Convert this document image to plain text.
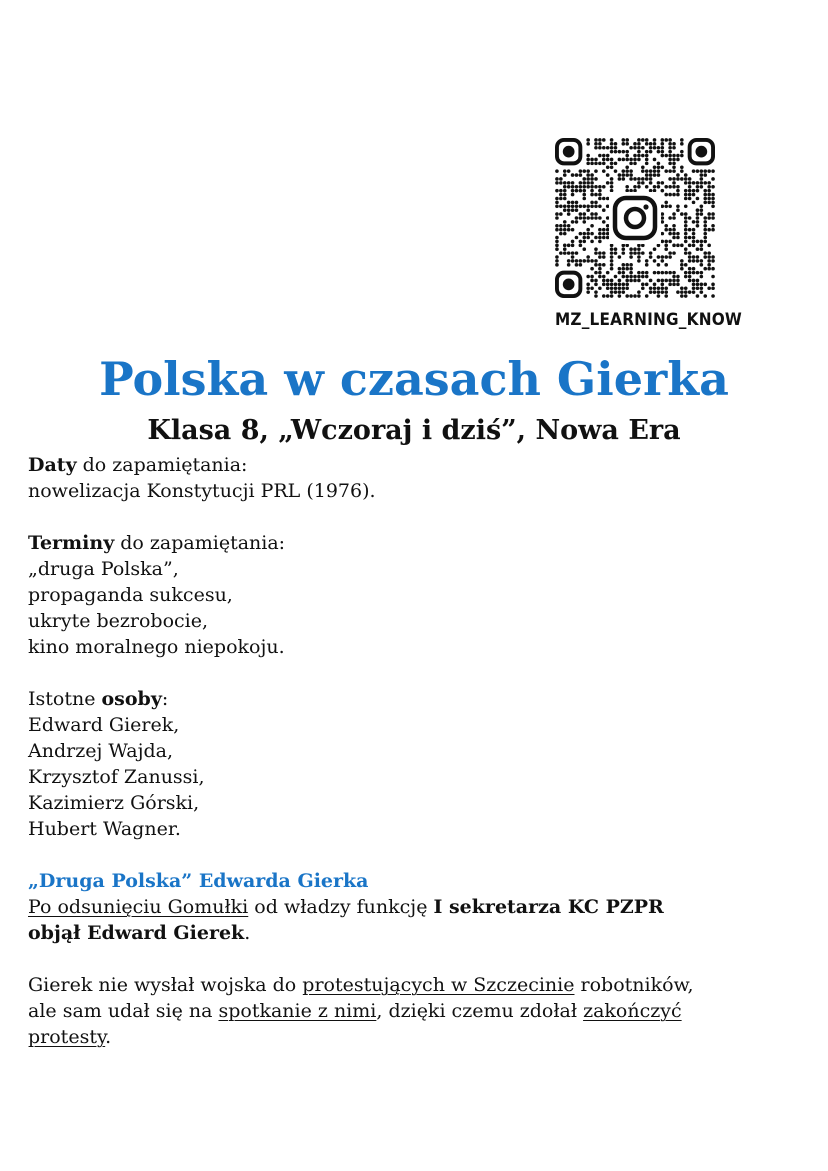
MZ_LEARNING_KNOW
Polska w czasach Gierka
Klasa 8, „Wczoraj i dziś”, Nowa Era
Daty do zapamiętania:
nowelizacja Konstytucji PRL (1976).
Terminy do zapamiętania:
„druga Polska”,
propaganda sukcesu,
ukryte bezrobocie,
kino moralnego niepokoju.
Istotne osoby:
Edward Gierek,
Andrzej Wajda,
Krzysztof Zanussi,
Kazimierz Górski,
Hubert Wagner.
„Druga Polska” Edwarda Gierka
Po odsunięciu Gomułki od władzy funkcję I sekretarza KC PZPR
objął Edward Gierek.
Gierek nie wysłał wojska do protestujących w Szczecinie robotników,
ale sam udał się na spotkanie z nimi, dzięki czemu zdołał zakończyć
protesty.
